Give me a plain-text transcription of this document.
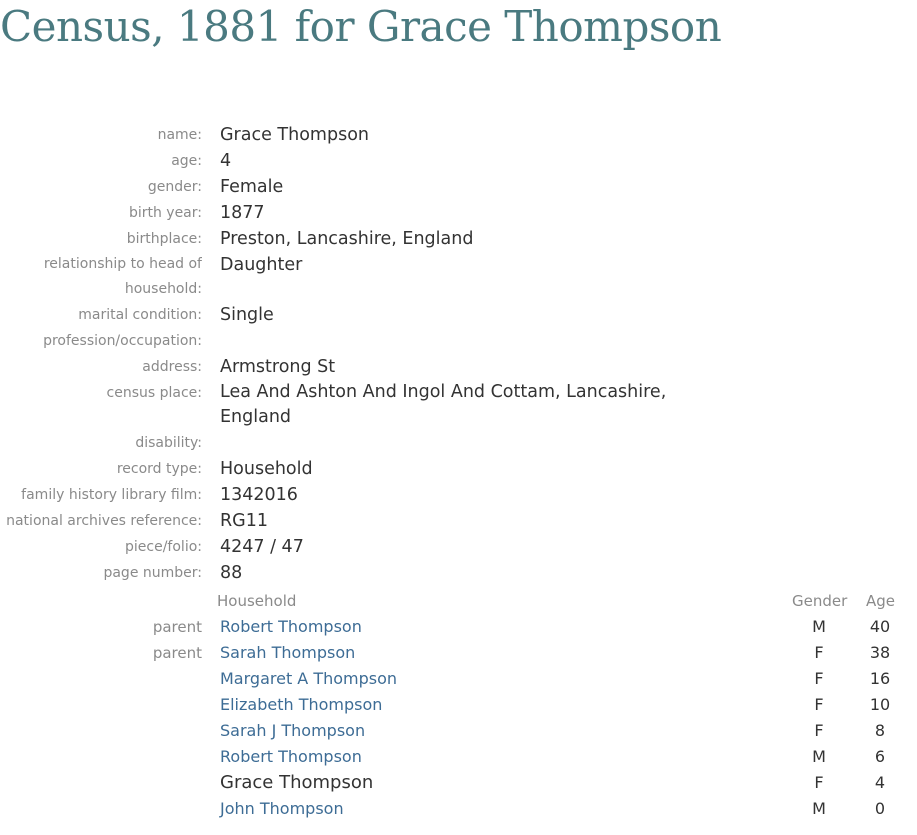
Census, 1881 for Grace Thompson
name: Grace Thompson
age: 4
gender: Female
birth year: 1877
birthplace: Preston, Lancashire, England
relationship to head of household:
Daughter
marital condition: Single
profession/occupation:
address: Armstrong St
census place: Lea And Ashton And Ingol And Cottam, Lancashire, England
disability:
record type: Household
family history library film: 1342016
national archives reference: RG11
piece/folio: 4247 / 47
page number: 88
Household	Gender Age
parent Robert Thompson	M	40
parent Sarah Thompson	F	38
Margaret A Thompson	F	16
Elizabeth Thompson	F	10
Sarah J Thompson	F	8
Robert Thompson	M	6
Grace Thompson	F	4
John Thompson	M	0
